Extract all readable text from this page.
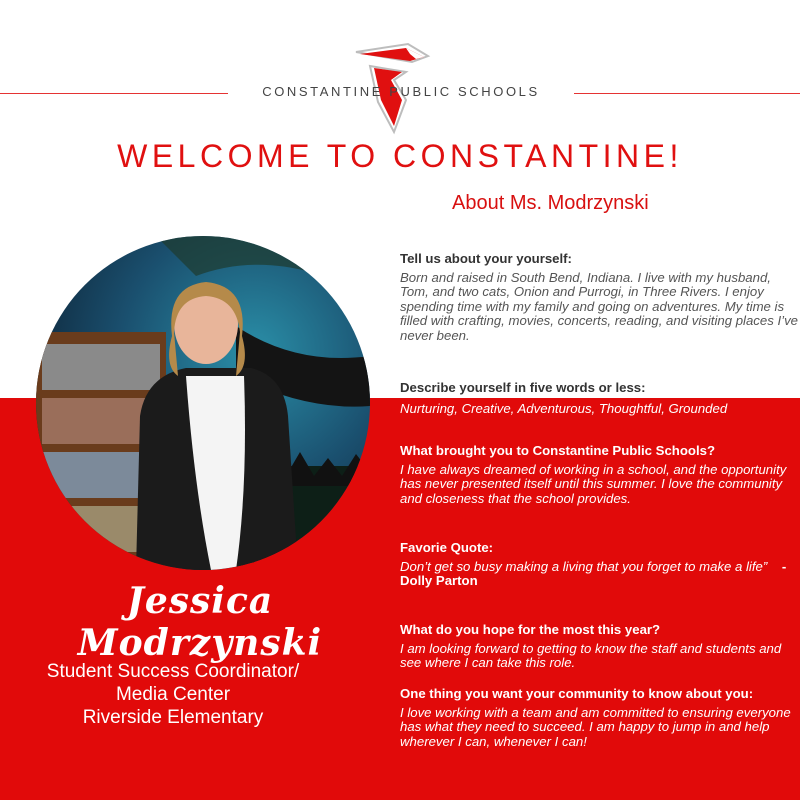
CONSTANTINE PUBLIC SCHOOLS
WELCOME TO CONSTANTINE!
About Ms. Modrzynski
Jessica Modrzynski
Student Success Coordinator/
Media Center
Riverside Elementary
Tell us about your yourself:
Born and raised in South Bend, Indiana. I live with my husband, Tom, and two cats, Onion and Purrogi, in Three Rivers. I enjoy spending time with my family and going on adventures. My time is filled with crafting, movies, concerts, reading, and visiting places I’ve never been.
Describe yourself in five words or less:
Nurturing, Creative, Adventurous, Thoughtful, Grounded
What brought you to Constantine Public Schools?
I have always dreamed of working in a school, and the opportunity has never presented itself until this summer. I love the community and closeness that the school provides.
Favorie Quote:
Don’t get so busy making a living that you forget to make a life” -Dolly Parton
What do you hope for the most this year?
I am looking forward to getting to know the staff and students and see where I can take this role.
One thing you want your community to know about you:
I love working with a team and am committed to ensuring everyone has what they need to succeed. I am happy to jump in and help wherever I can, whenever I can!
